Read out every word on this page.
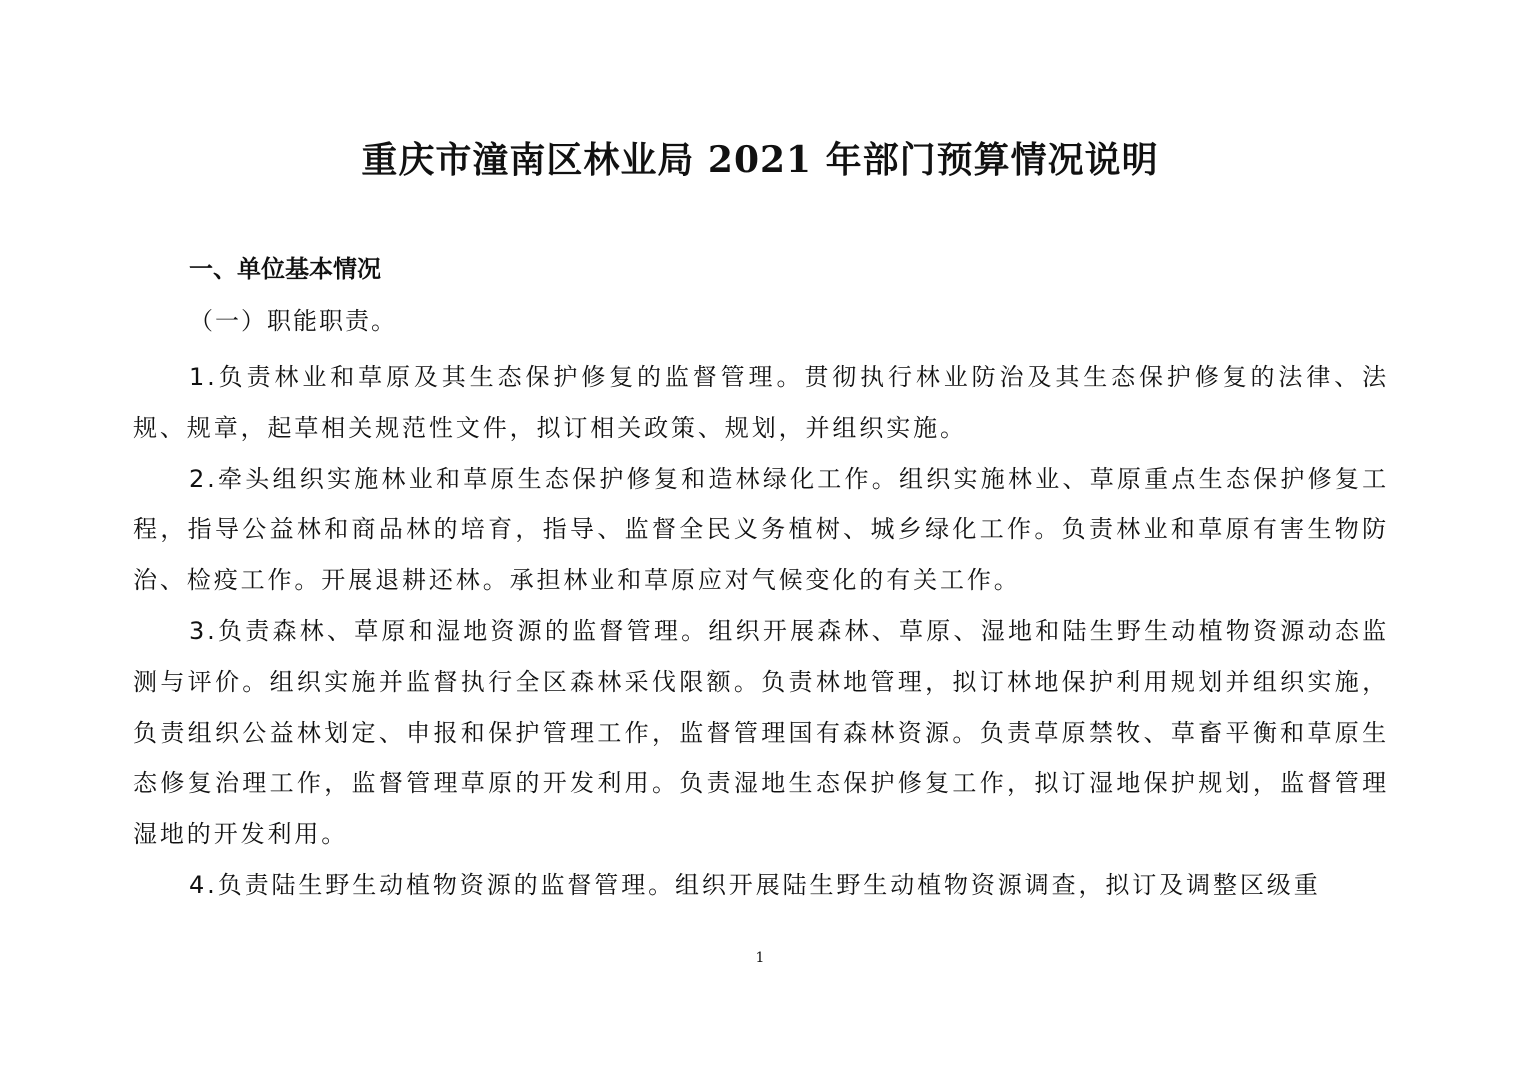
重庆市潼南区林业局 2021 年部门预算情况说明
一、单位基本情况
（一）职能职责。

1.负责林业和草原及其生态保护修复的监督管理。贯彻执行林业防治及其生态保护修复的法律、法规、规章，起草相关规范性文件，拟订相关政策、规划，并组织实施。

2.牵头组织实施林业和草原生态保护修复和造林绿化工作。组织实施林业、草原重点生态保护修复工程，指导公益林和商品林的培育，指导、监督全民义务植树、城乡绿化工作。负责林业和草原有害生物防治、检疫工作。开展退耕还林。承担林业和草原应对气候变化的有关工作。

3.负责森林、草原和湿地资源的监督管理。组织开展森林、草原、湿地和陆生野生动植物资源动态监测与评价。组织实施并监督执行全区森林采伐限额。负责林地管理，拟订林地保护利用规划并组织实施，负责组织公益林划定、申报和保护管理工作，监督管理国有森林资源。负责草原禁牧、草畜平衡和草原生态修复治理工作，监督管理草原的开发利用。负责湿地生态保护修复工作，拟订湿地保护规划，监督管理湿地的开发利用。

4.负责陆生野生动植物资源的监督管理。组织开展陆生野生动植物资源调查，拟订及调整区级重

1
